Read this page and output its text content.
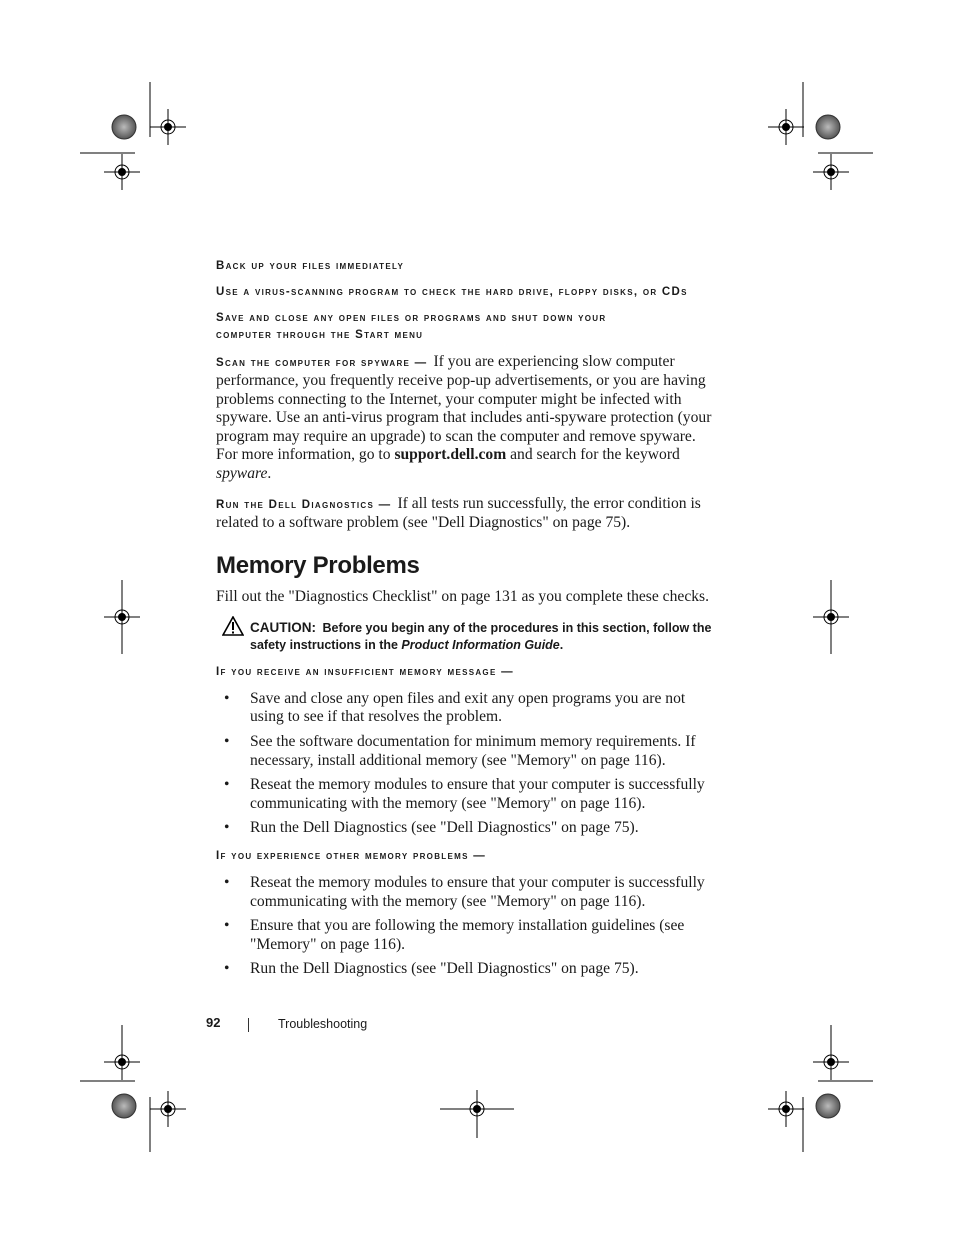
Back up your files immediately
Use a virus-scanning program to check the hard drive, floppy disks, or CDs
Save and close any open files or programs and shut down your
computer through the Start menu

Scan the computer for spyware — If you are experiencing slow computer performance, you frequently receive pop-up advertisements, or you are having problems connecting to the Internet, your computer might be infected with spyware. Use an anti-virus program that includes anti-spyware protection (your program may require an upgrade) to scan the computer and remove spyware. For more information, go to support.dell.com and search for the keyword spyware.

Run the Dell Diagnostics — If all tests run successfully, the error condition is related to a software problem (see "Dell Diagnostics" on page 75).

Memory Problems

Fill out the "Diagnostics Checklist" on page 131 as you complete these checks.

CAUTION: Before you begin any of the procedures in this section, follow the safety instructions in the Product Information Guide.
If you receive an insufficient memory message —
• Save and close any open files and exit any open programs you are not using to see if that resolves the problem.
• See the software documentation for minimum memory requirements. If necessary, install additional memory (see "Memory" on page 116).
• Reseat the memory modules to ensure that your computer is successfully communicating with the memory (see "Memory" on page 116).
• Run the Dell Diagnostics (see "Dell Diagnostics" on page 75).
If you experience other memory problems —
• Reseat the memory modules to ensure that your computer is successfully communicating with the memory (see "Memory" on page 116).
• Ensure that you are following the memory installation guidelines (see "Memory" on page 116).
• Run the Dell Diagnostics (see "Dell Diagnostics" on page 75).
92	Troubleshooting
